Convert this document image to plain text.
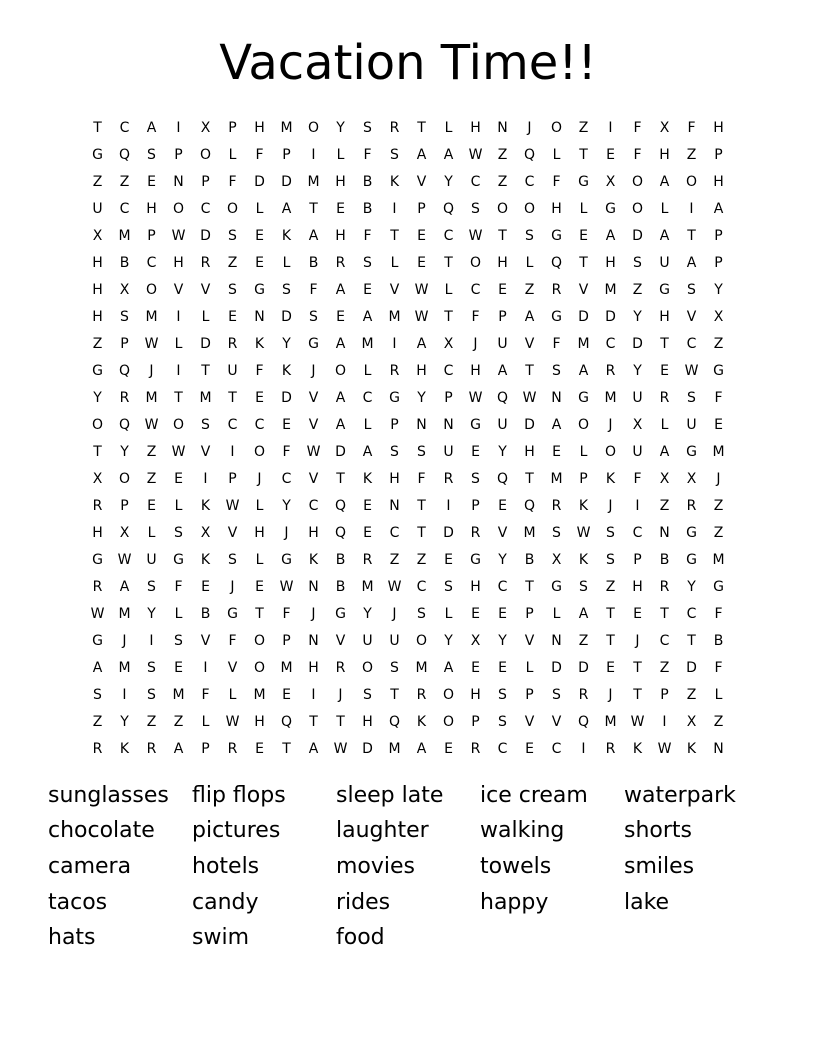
Vacation Time!!
T	C	A	I	X	P	H	M	O	Y	S	R	T	L	H	N	J	O	Z	I	F	X	F	H
G	Q	S	P	O	L	F	P	I	L	F	S	A	A	W	Z	Q	L	T	E	F	H	Z	P
Z	Z	E	N	P	F	D	D	M	H	B	K	V	Y	C	Z	C	F	G	X	O	A	O	H
U	C	H	O	C	O	L	A	T	E	B	I	P	Q	S	O	O	H	L	G	O	L	I	A
X	M	P	W	D	S	E	K	A	H	F	T	E	C	W	T	S	G	E	A	D	A	T	P
H	B	C	H	R	Z	E	L	B	R	S	L	E	T	O	H	L	Q	T	H	S	U	A	P
H	X	O	V	V	S	G	S	F	A	E	V	W	L	C	E	Z	R	V	M	Z	G	S	Y
H	S	M	I	L	E	N	D	S	E	A	M	W	T	F	P	A	G	D	D	Y	H	V	X
Z	P	W	L	D	R	K	Y	G	A	M	I	A	X	J	U	V	F	M	C	D	T	C	Z
G	Q	J	I	T	U	F	K	J	O	L	R	H	C	H	A	T	S	A	R	Y	E	W	G
Y	R	M	T	M	T	E	D	V	A	C	G	Y	P	W	Q	W	N	G	M	U	R	S	F
O	Q	W	O	S	C	C	E	V	A	L	P	N	N	G	U	D	A	O	J	X	L	U	E
T	Y	Z	W	V	I	O	F	W	D	A	S	S	U	E	Y	H	E	L	O	U	A	G	M
X	O	Z	E	I	P	J	C	V	T	K	H	F	R	S	Q	T	M	P	K	F	X	X	J
R	P	E	L	K	W	L	Y	C	Q	E	N	T	I	P	E	Q	R	K	J	I	Z	R	Z
H	X	L	S	X	V	H	J	H	Q	E	C	T	D	R	V	M	S	W	S	C	N	G	Z
G	W	U	G	K	S	L	G	K	B	R	Z	Z	E	G	Y	B	X	K	S	P	B	G	M
R	A	S	F	E	J	E	W	N	B	M	W	C	S	H	C	T	G	S	Z	H	R	Y	G
W	M	Y	L	B	G	T	F	J	G	Y	J	S	L	E	E	P	L	A	T	E	T	C	F
G	J	I	S	V	F	O	P	N	V	U	U	O	Y	X	Y	V	N	Z	T	J	C	T	B
A	M	S	E	I	V	O	M	H	R	O	S	M	A	E	E	L	D	D	E	T	Z	D	F
S	I	S	M	F	L	M	E	I	J	S	T	R	O	H	S	P	S	R	J	T	P	Z	L
Z	Y	Z	Z	L	W	H	Q	T	T	H	Q	K	O	P	S	V	V	Q	M	W	I	X	Z
R	K	R	A	P	R	E	T	A	W	D	M	A	E	R	C	E	C	I	R	K	W	K	N
sunglasses	flip flops	sleep late	ice cream	waterpark
chocolate	pictures	laughter	walking	shorts
camera	hotels	movies	towels	smiles
tacos	candy	rides	happy	lake
hats	swim	food
